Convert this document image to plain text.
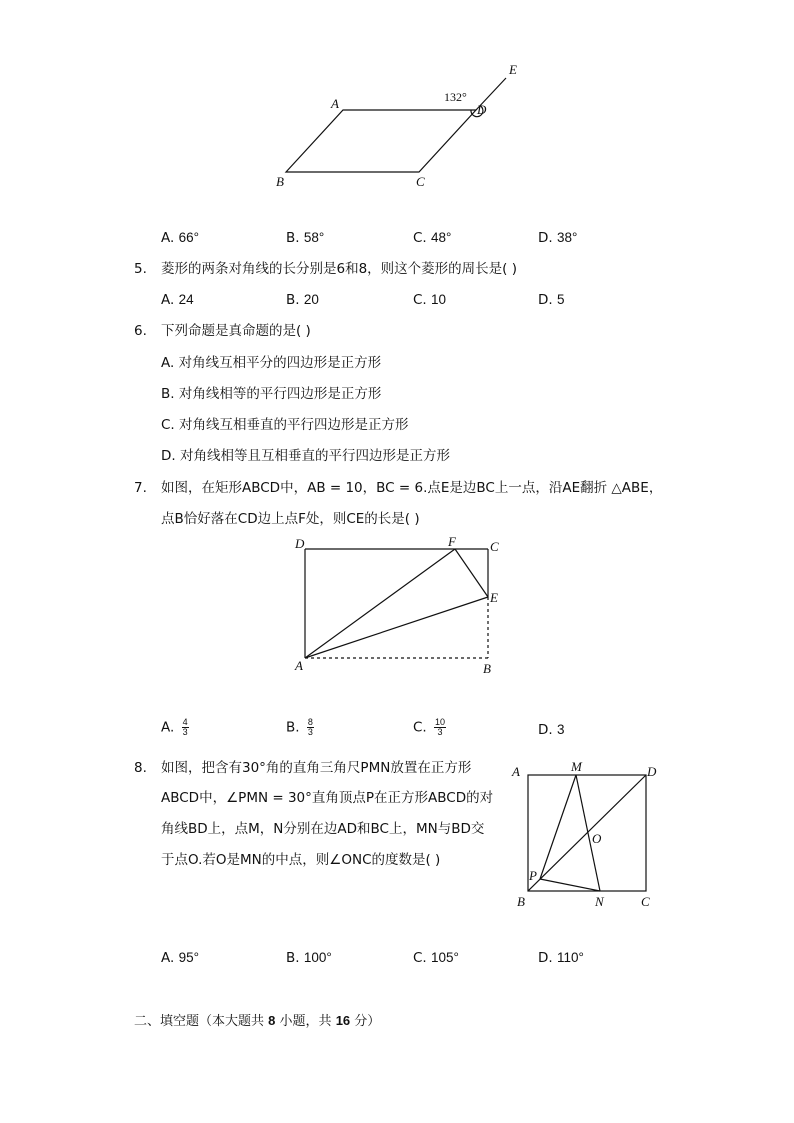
A
B	C
D
E
132°
A. 66°	B. 58°	C. 48°	D. 38°
5. 菱形的两条对角线的长分别是6和8，则这个菱形的周长是( )
A. 24	B. 20	C. 10	D. 5
6. 下列命题是真命题的是( )
A. 对角线互相平分的四边形是正方形
B. 对角线相等的平行四边形是正方形
C. 对角线互相垂直的平行四边形是正方形
D. 对角线相等且互相垂直的平行四边形是正方形
7. 如图，在矩形ABCD中，AB = 10，BC = 6.点E是边BC上一点，沿AE翻折 △ABE，
点B恰好落在CD边上点F处，则CE的长是( )
D	F	C
E
A	B
A. $\frac{4}{3}$	B. $\frac{8}{3}$	C. $\frac{10}{3}$	D. 3
8. 如图，把含有30°角的直角三角尺PMN放置在正方形
ABCD中，∠PMN = 30°直角顶点P在正方形ABCD的对
角线BD上，点M，N分别在边AD和BC上，MN与BD交
于点O.若O是MN的中点，则∠ONC的度数是( )
A	M	D
O
P
B	N	C
A. 95°	B. 100°	C. 105°	D. 110°
二、填空题（本大题共 8 小题，共 16 分）
